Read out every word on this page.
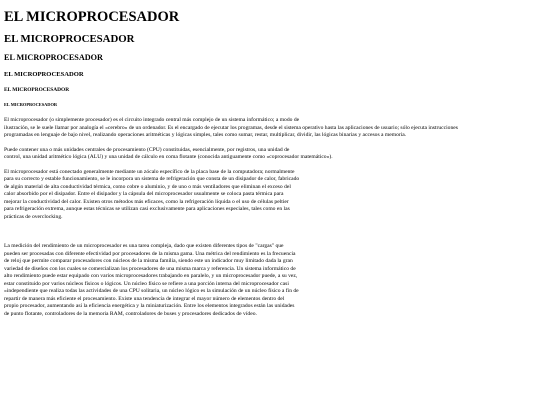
EL MICROPROCESADOR
EL MICROPROCESADOR
EL MICROPROCESADOR
EL MICROPROCESADOR
EL MICROPROCESADOR
EL MICROPROCESADOR

El microprocesador (o simplemente procesador) es el circuito integrado central más complejo de un sistema informático; a modo de
ilustración, se le suele llamar por analogía el «cerebro» de un ordenador. Es el encargado de ejecutar los programas, desde el sistema operativo hasta las aplicaciones de usuario; sólo ejecuta instrucciones
programadas en lenguaje de bajo nivel, realizando operaciones aritméticas y lógicas simples, tales como sumar, restar, multiplicar, dividir, las lógicas binarias y accesos a memoria.

Puede contener una o más unidades centrales de procesamiento (CPU) constituidas, esencialmente, por registros, una unidad de
control, una unidad aritmético lógica (ALU) y una unidad de cálculo en coma flotante (conocida antiguamente como «coprocesador matemático»).

El microprocesador está conectado generalmente mediante un zócalo específico de la placa base de la computadora; normalmente
para su correcto y estable funcionamiento, se le incorpora un sistema de refrigeración que consta de un disipador de calor, fabricado
de algún material de alta conductividad térmica, como cobre o aluminio, y de uno o más ventiladores que eliminan el exceso del
calor absorbido por el disipador. Entre el disipador y la cápsula del microprocesador usualmente se coloca pasta térmica para
mejorar la conductividad del calor. Existen otros métodos más eficaces, como la refrigeración líquida o el uso de células peltier
para refrigeración extrema, aunque estas técnicas se utilizan casi exclusivamente para aplicaciones especiales, tales como en las
prácticas de overclocking.

La medición del rendimiento de un microprocesador es una tarea compleja, dado que existen diferentes tipos de "cargas" que
pueden ser procesadas con diferente efectividad por procesadores de la misma gama. Una métrica del rendimiento es la frecuencia
de reloj que permite comparar procesadores con núcleos de la misma familia, siendo este un indicador muy limitado dada la gran
variedad de diseños con los cuales se comercializan los procesadores de una misma marca y referencia. Un sistema informático de
alto rendimiento puede estar equipado con varios microprocesadores trabajando en paralelo, y un microprocesador puede, a su vez,
estar constituido por varios núcleos físicos o lógicos. Un núcleo físico se refiere a una porción interna del microprocesador casi
«independiente que realiza todas las actividades de una CPU solitaria, un núcleo lógico es la simulación de un núcleo físico a fin de
repartir de manera más eficiente el procesamiento. Existe una tendencia de integrar el mayor número de elementos dentro del
propio procesador, aumentando así la eficiencia energética y la miniaturización. Entre los elementos integrados están las unidades
de punto flotante, controladores de la memoria RAM, controladores de buses y procesadores dedicados de vídeo.
